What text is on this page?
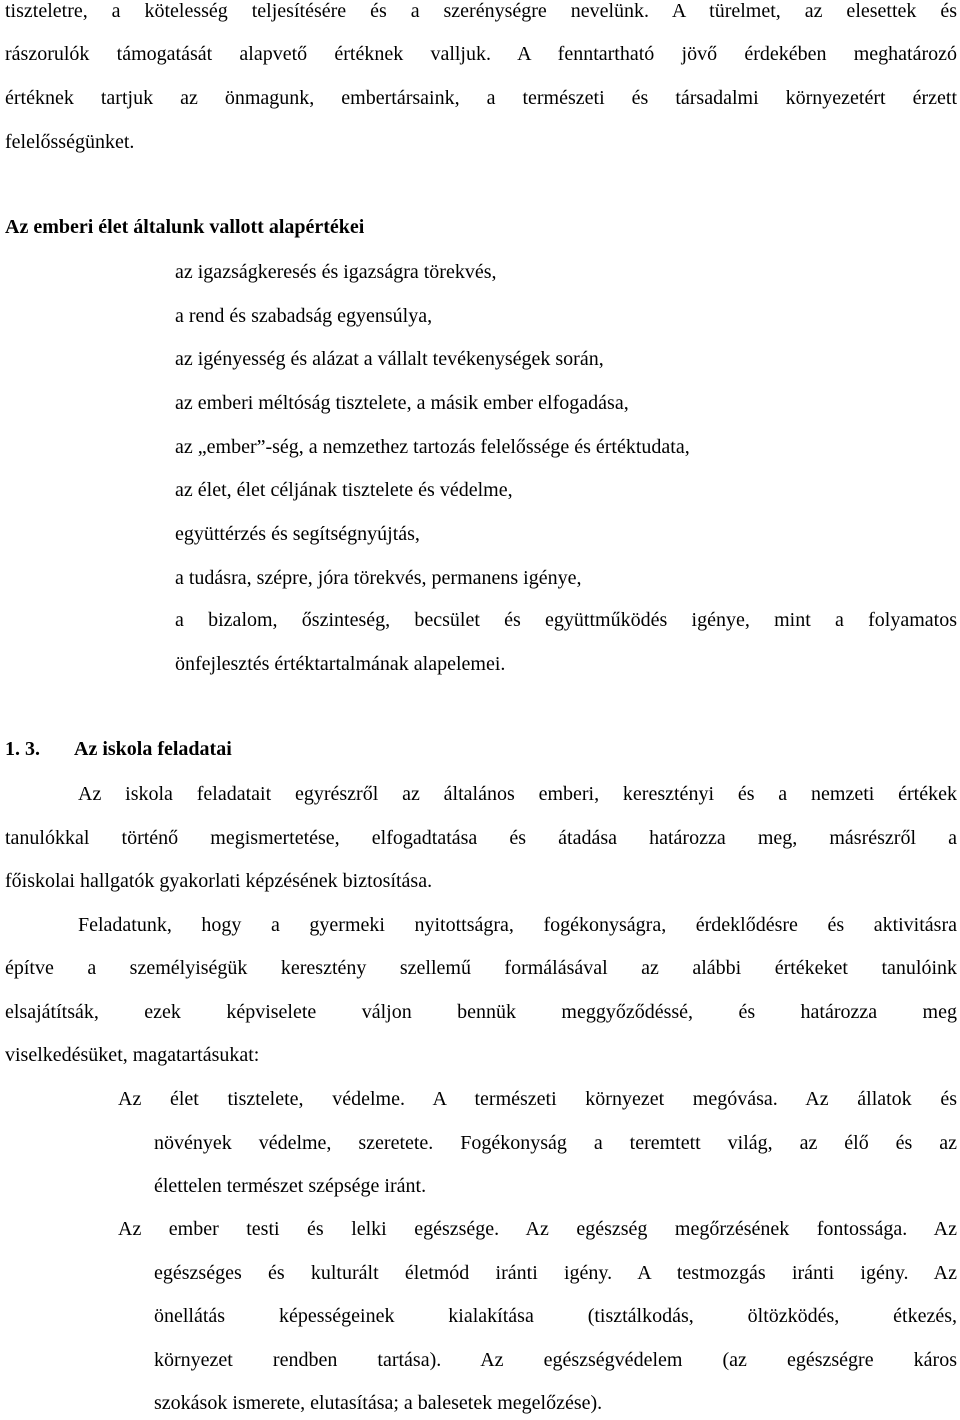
tiszteletre, a kötelesség teljesítésére és a szerénységre nevelünk. A türelmet, az elesettek és
rászorulók támogatását alapvető értéknek valljuk. A fenntartható jövő érdekében meghatározó
értéknek tartjuk az önmagunk, embertársaink, a természeti és társadalmi környezetért érzett
felelősségünket.
Az emberi élet általunk vallott alapértékei
az igazságkeresés és igazságra törekvés,
a rend és szabadság egyensúlya,
az igényesség és alázat a vállalt tevékenységek során,
az emberi méltóság tisztelete, a másik ember elfogadása,
az „ember”-ség, a nemzethez tartozás felelőssége és értéktudata,
az élet, élet céljának tisztelete és védelme,
együttérzés és segítségnyújtás,
a tudásra, szépre, jóra törekvés, permanens igénye,
a bizalom, őszinteség, becsület és együttműködés igénye, mint a folyamatos
önfejlesztés értéktartalmának alapelemei.
1. 3. Az iskola feladatai
Az iskola feladatait egyrészről az általános emberi, keresztényi és a nemzeti értékek
tanulókkal történő megismertetése, elfogadtatása és átadása határozza meg, másrészről a
főiskolai hallgatók gyakorlati képzésének biztosítása.
Feladatunk, hogy a gyermeki nyitottságra, fogékonyságra, érdeklődésre és aktivitásra
építve a személyiségük keresztény szellemű formálásával az alábbi értékeket tanulóink
elsajátítsák, ezek képviselete váljon bennük meggyőződéssé, és határozza meg
viselkedésüket, magatartásukat:
Az élet tisztelete, védelme. A természeti környezet megóvása. Az állatok és
növények védelme, szeretete. Fogékonyság a teremtett világ, az élő és az
élettelen természet szépsége iránt.
Az ember testi és lelki egészsége. Az egészség megőrzésének fontossága. Az
egészséges és kulturált életmód iránti igény. A testmozgás iránti igény. Az
önellátás képességeinek kialakítása (tisztálkodás, öltözködés, étkezés,
környezet rendben tartása). Az egészségvédelem (az egészségre káros
szokások ismerete, elutasítása; a balesetek megelőzése).
